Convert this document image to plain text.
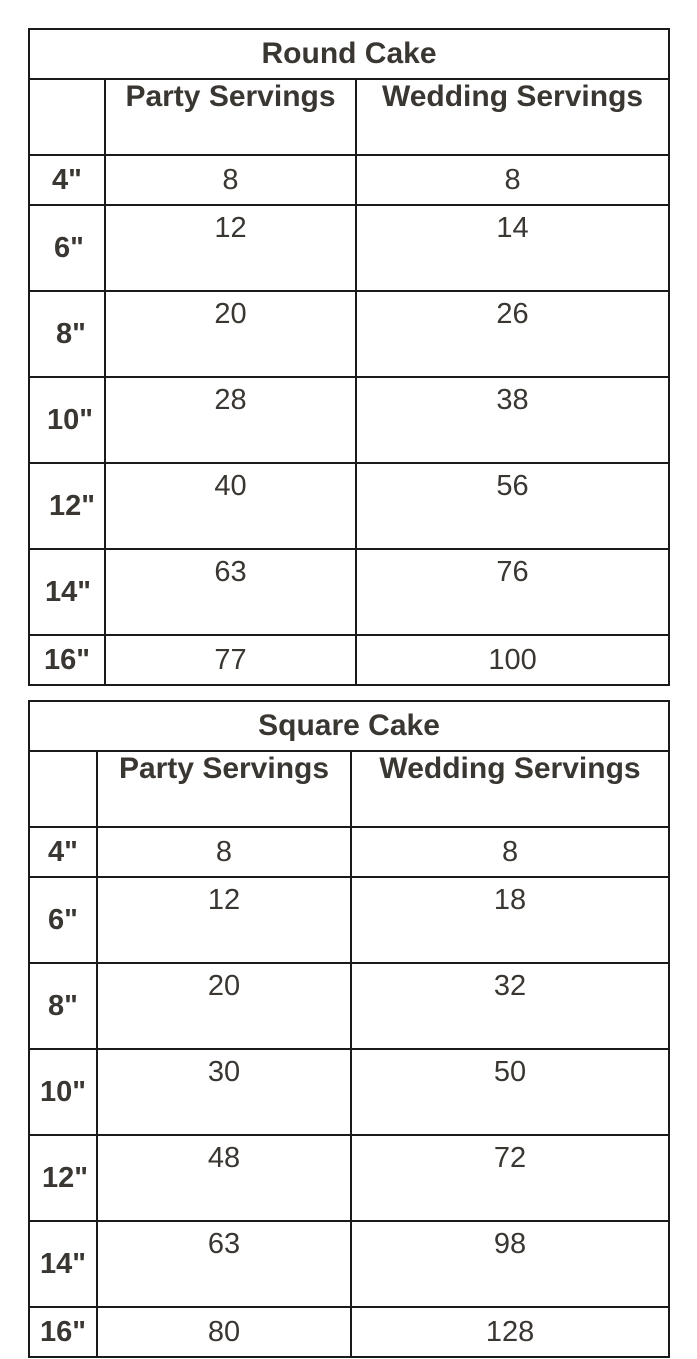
Round Cake		
	Party Servings	Wedding Servings
4"	8	8
6"	12	14
8"	20	26
10"	28	38
12"	40	56
14"	63	76
16"	77	100
Square Cake		
	Party Servings	Wedding Servings
4"	8	8
6"	12	18
8"	20	32
10"	30	50
12"	48	72
14"	63	98
16"	80	128
